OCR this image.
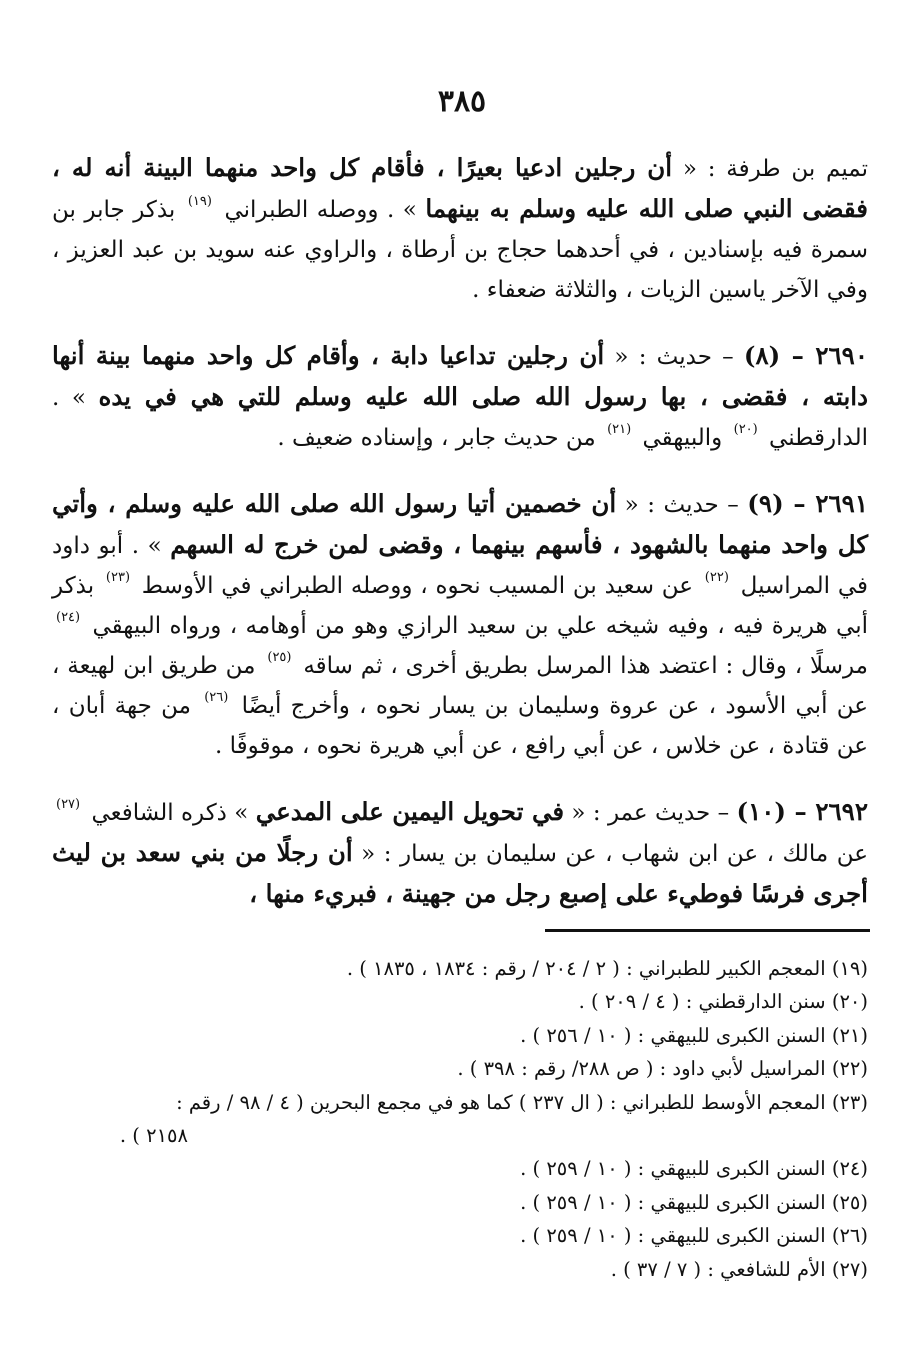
٣٨٥

تميم بن طرفة : « أن رجلين ادعيا بعيرًا ، فأقام كل واحد منهما البينة أنه له ، فقضى النبي صلى الله عليه وسلم به بينهما » . ووصله الطبراني $^{(١٩)}$ بذكر جابر بن سمرة فيه بإسنادين ، في أحدهما حجاج بن أرطاة ، والراوي عنه سويد بن عبد العزيز ، وفي الآخر ياسين الزيات ، والثلاثة ضعفاء .

٢٦٩٠ – (٨) – حديث : « أن رجلين تداعيا دابة ، وأقام كل واحد منهما بينة أنها دابته ، فقضى ، بها رسول الله صلى الله عليه وسلم للتي هي في يده » . الدارقطني $^{(٢٠)}$ والبيهقي $^{(٢١)}$ من حديث جابر ، وإسناده ضعيف .

٢٦٩١ – (٩) – حديث : « أن خصمين أتيا رسول الله صلى الله عليه وسلم ، وأتي كل واحد منهما بالشهود ، فأسهم بينهما ، وقضى لمن خرج له السهم » . أبو داود في المراسيل $^{(٢٢)}$ عن سعيد بن المسيب نحوه ، ووصله الطبراني في الأوسط $^{(٢٣)}$ بذكر أبي هريرة فيه ، وفيه شيخه علي بن سعيد الرازي وهو من أوهامه ، ورواه البيهقي $^{(٢٤)}$ مرسلًا ، وقال : اعتضد هذا المرسل بطريق أخرى ، ثم ساقه $^{(٢٥)}$ من طريق ابن لهيعة ، عن أبي الأسود ، عن عروة وسليمان بن يسار نحوه ، وأخرج أيضًا $^{(٢٦)}$ من جهة أبان ، عن قتادة ، عن خلاس ، عن أبي رافع ، عن أبي هريرة نحوه ، موقوفًا .

٢٦٩٢ – (١٠) – حديث عمر : « في تحويل اليمين على المدعي » ذكره الشافعي $^{(٢٧)}$ عن مالك ، عن ابن شهاب ، عن سليمان بن يسار : « أن رجلًا من بني سعد بن ليث أجرى فرسًا فوطيء على إصبع رجل من جهينة ، فبريء منها ،

(١٩) المعجم الكبير للطبراني : ( ٢ / ٢٠٤ / رقم : ١٨٣٤ ، ١٨٣٥ ) .

(٢٠) سنن الدارقطني : ( ٤ / ٢٠٩ ) .

(٢١) السنن الكبرى للبيهقي : ( ١٠ / ٢٥٦ ) .

(٢٢) المراسيل لأبي داود : ( ص ٢٨٨/ رقم : ٣٩٨ ) .

(٢٣) المعجم الأوسط للطبراني : ( ال ٢٣٧ ) كما هو في مجمع البحرين ( ٤ / ٩٨ / رقم :

٢١٥٨ ) .

(٢٤) السنن الكبرى للبيهقي : ( ١٠ / ٢٥٩ ) .

(٢٥) السنن الكبرى للبيهقي : ( ١٠ / ٢٥٩ ) .

(٢٦) السنن الكبرى للبيهقي : ( ١٠ / ٢٥٩ ) .

(٢٧) الأم للشافعي : ( ٧ / ٣٧ ) .
